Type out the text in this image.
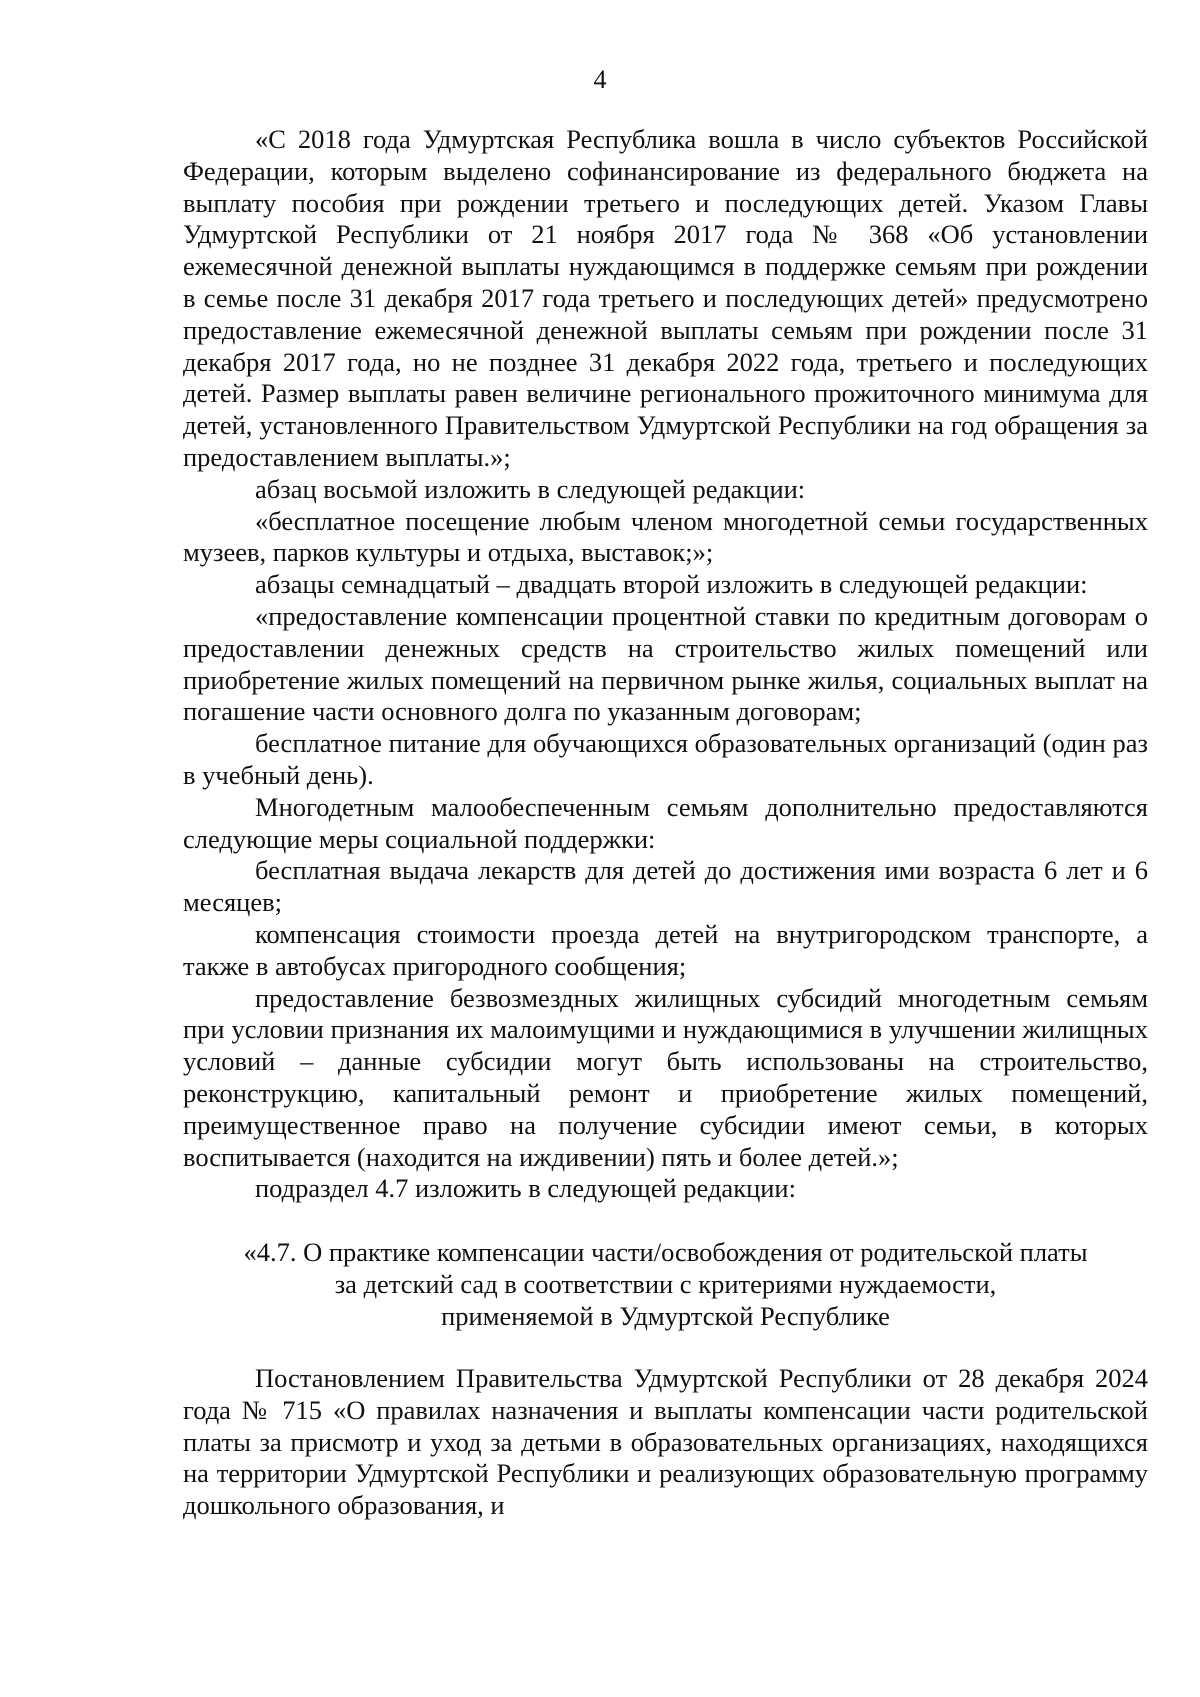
4

«С 2018 года Удмуртская Республика вошла в число субъектов Российской Федерации, которым выделено софинансирование из федерального бюджета на выплату пособия при рождении третьего и последующих детей. Указом Главы Удмуртской Республики от 21 ноября 2017 года № 368 «Об установлении ежемесячной денежной выплаты нуждающимся в поддержке семьям при рождении в семье после 31 декабря 2017 года третьего и последующих детей» предусмотрено предоставление ежемесячной денежной выплаты семьям при рождении после 31 декабря 2017 года, но не позднее 31 декабря 2022 года, третьего и последующих детей. Размер выплаты равен величине регионального прожиточного минимума для детей, установленного Правительством Удмуртской Республики на год обращения за предоставлением выплаты.»;

абзац восьмой изложить в следующей редакции:

«бесплатное посещение любым членом многодетной семьи государственных музеев, парков культуры и отдыха, выставок;»;

абзацы семнадцатый – двадцать второй изложить в следующей редакции:

«предоставление компенсации процентной ставки по кредитным договорам о предоставлении денежных средств на строительство жилых помещений или приобретение жилых помещений на первичном рынке жилья, социальных выплат на погашение части основного долга по указанным договорам;

бесплатное питание для обучающихся образовательных организаций (один раз в учебный день).

Многодетным малообеспеченным семьям дополнительно предоставляются следующие меры социальной поддержки:

бесплатная выдача лекарств для детей до достижения ими возраста 6 лет и 6 месяцев;

компенсация стоимости проезда детей на внутригородском транспорте, а также в автобусах пригородного сообщения;

предоставление безвозмездных жилищных субсидий многодетным семьям при условии признания их малоимущими и нуждающимися в улучшении жилищных условий – данные субсидии могут быть использованы на строительство, реконструкцию, капитальный ремонт и приобретение жилых помещений, преимущественное право на получение субсидии имеют семьи, в которых воспитывается (находится на иждивении) пять и более детей.»;

подраздел 4.7 изложить в следующей редакции:

«4.7. О практике компенсации части/освобождения от родительской платы
за детский сад в соответствии с критериями нуждаемости,
применяемой в Удмуртской Республике

Постановлением Правительства Удмуртской Республики от 28 декабря 2024 года № 715 «О правилах назначения и выплаты компенсации части родительской платы за присмотр и уход за детьми в образовательных организациях, находящихся на территории Удмуртской Республики и реализующих образовательную программу дошкольного образования, и
